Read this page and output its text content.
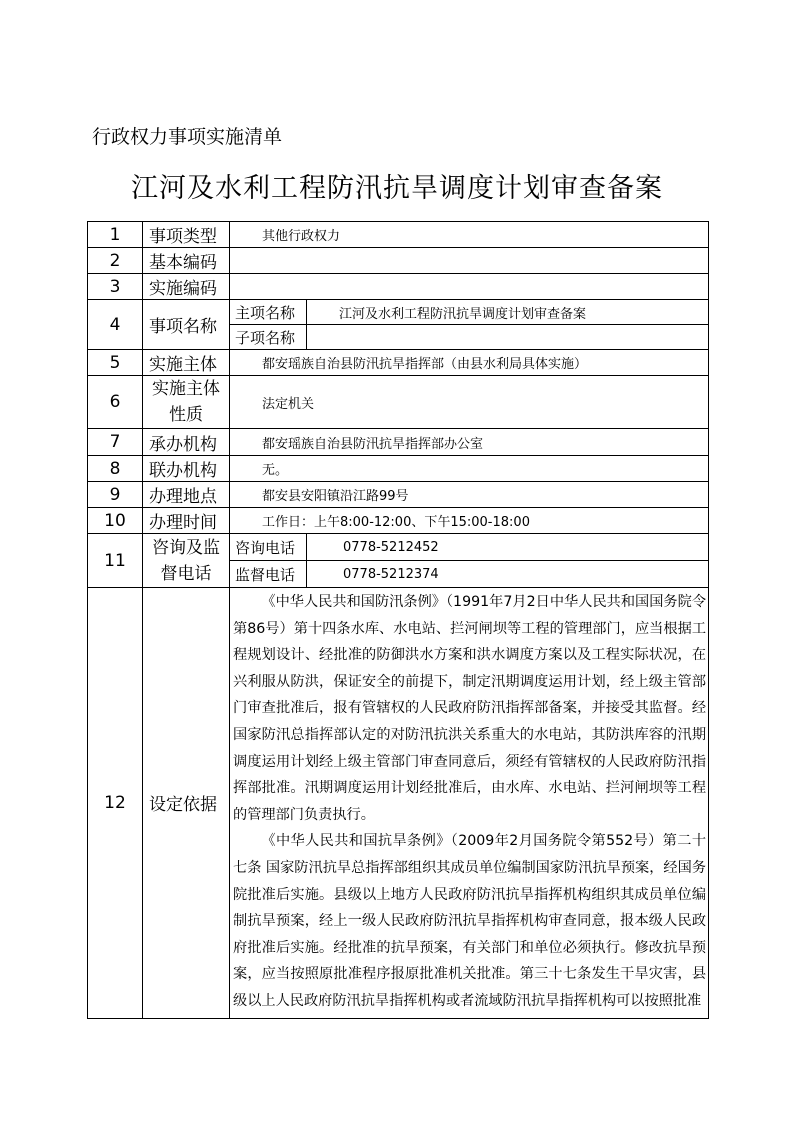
行政权力事项实施清单
江河及水利工程防汛抗旱调度计划审查备案
1	事项类型	其他行政权力	
2	基本编码		
3	实施编码		
4	事项名称	主项名称	江河及水利工程防汛抗旱调度计划审查备案
		子项名称	
5	实施主体	都安瑶族自治县防汛抗旱指挥部（由县水利局具体实施）	
6	实施主体性质	法定机关	
7	承办机构	都安瑶族自治县防汛抗旱指挥部办公室	
8	联办机构	无。	
9	办理地点	都安县安阳镇沿江路99号	
10	办理时间	工作日：上午8:00-12:00、下午15:00-18:00	
11	咨询及监督电话	咨询电话	0778-5212452
		监督电话	0778-5212374
12	设定依据	《中华人民共和国防汛条例》（1991年7月2日中华人民共和国国务院令第86号）第十四条水库、水电站、拦河闸坝等工程的管理部门，应当根据工程规划设计、经批准的防御洪水方案和洪水调度方案以及工程实际状况，在兴利服从防洪，保证安全的前提下，制定汛期调度运用计划，经上级主管部门审查批准后，报有管辖权的人民政府防汛指挥部备案，并接受其监督。经国家防汛总指挥部认定的对防汛抗洪关系重大的水电站，其防洪库容的汛期调度运用计划经上级主管部门审查同意后，须经有管辖权的人民政府防汛指挥部批准。汛期调度运用计划经批准后，由水库、水电站、拦河闸坝等工程的管理部门负责执行。

《中华人民共和国抗旱条例》（2009年2月国务院令第552号）第二十七条 国家防汛抗旱总指挥部组织其成员单位编制国家防汛抗旱预案，经国务院批准后实施。县级以上地方人民政府防汛抗旱指挥机构组织其成员单位编制抗旱预案，经上一级人民政府防汛抗旱指挥机构审查同意，报本级人民政府批准后实施。经批准的抗旱预案，有关部门和单位必须执行。修改抗旱预案，应当按照原批准程序报原批准机关批准。第三十七条发生干旱灾害，县级以上人民政府防汛抗旱指挥机构或者流域防汛抗旱指挥机构可以按照批准	
